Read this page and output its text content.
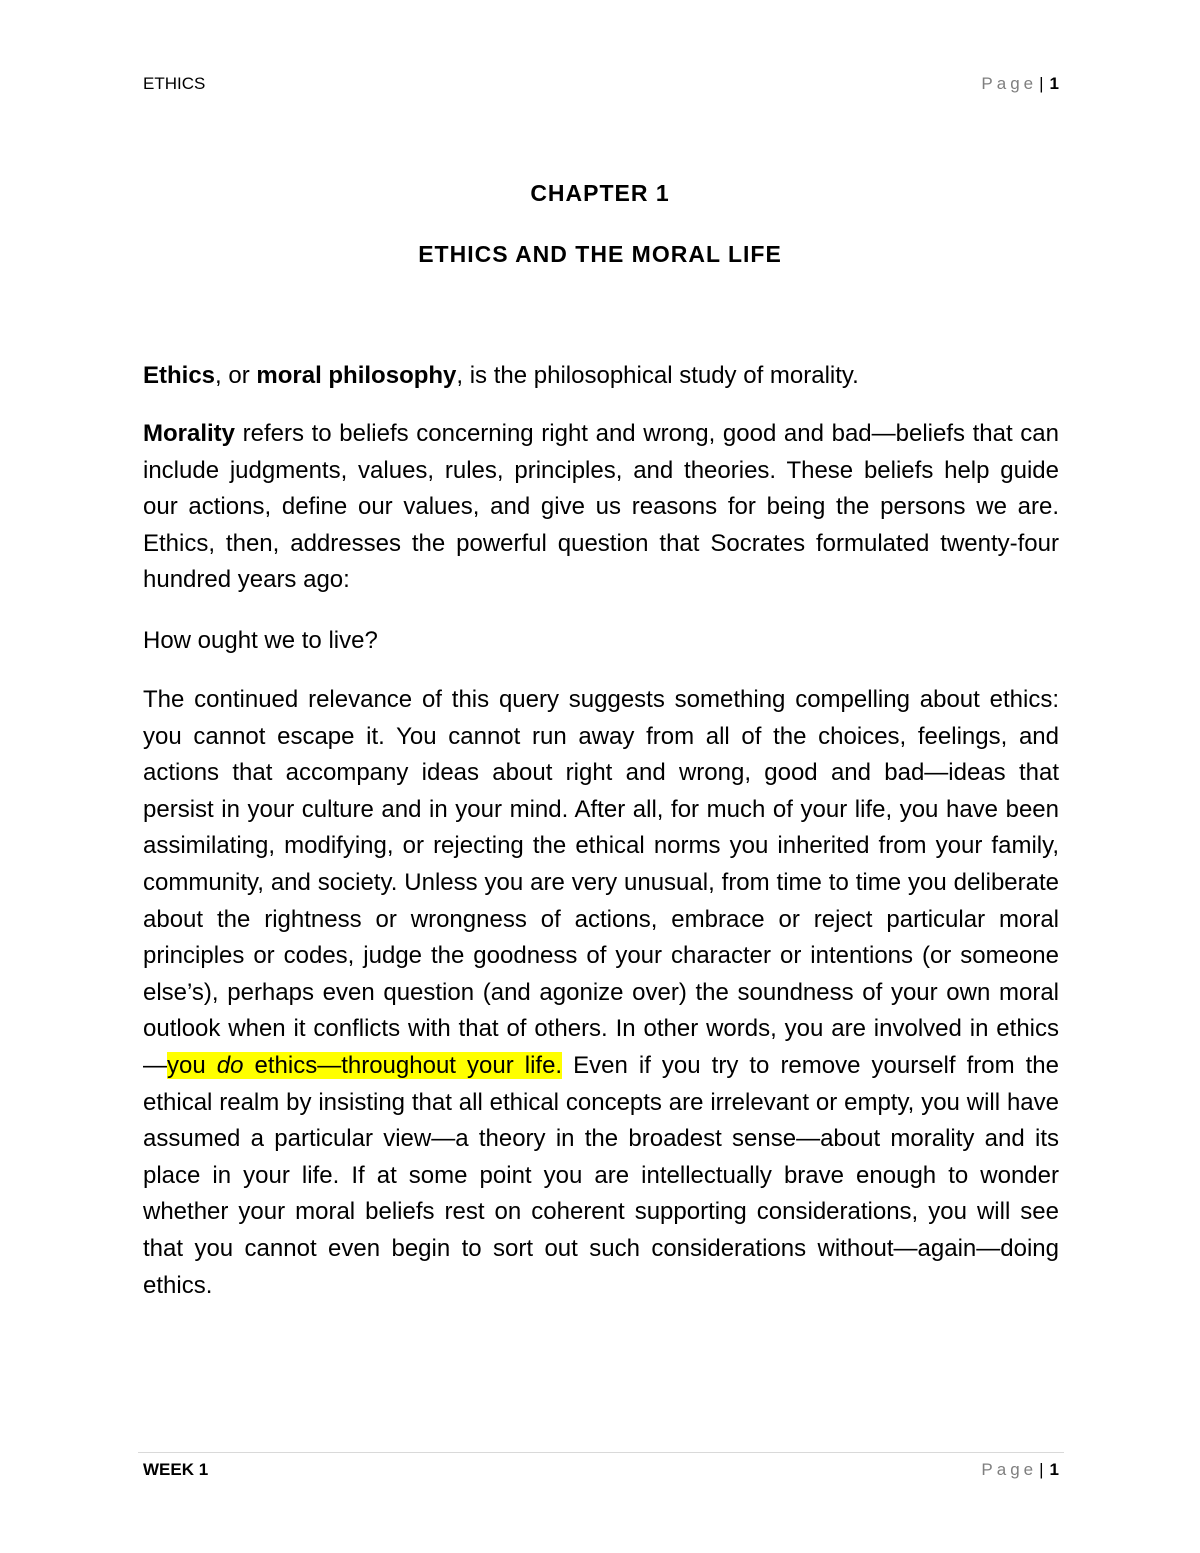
ETHICS	Page | 1
CHAPTER 1
ETHICS AND THE MORAL LIFE

Ethics, or moral philosophy, is the philosophical study of morality.

Morality refers to beliefs concerning right and wrong, good and bad—beliefs that can include judgments, values, rules, principles, and theories. These beliefs help guide our actions, define our values, and give us reasons for being the persons we are. Ethics, then, addresses the powerful question that Socrates formulated twenty-four hundred years ago:

How ought we to live?

The continued relevance of this query suggests something compelling about ethics: you cannot escape it. You cannot run away from all of the choices, feelings, and actions that accompany ideas about right and wrong, good and bad—ideas that persist in your culture and in your mind. After all, for much of your life, you have been assimilating, modifying, or rejecting the ethical norms you inherited from your family, community, and society. Unless you are very unusual, from time to time you deliberate about the rightness or wrongness of actions, embrace or reject particular moral principles or codes, judge the goodness of your character or intentions (or someone else’s), perhaps even question (and agonize over) the soundness of your own moral outlook when it conflicts with that of others. In other words, you are involved in ethics—you do ethics—throughout your life. Even if you try to remove yourself from the ethical realm by insisting that all ethical concepts are irrelevant or empty, you will have assumed a particular view—a theory in the broadest sense—about morality and its place in your life. If at some point you are intellectually brave enough to wonder whether your moral beliefs rest on coherent supporting considerations, you will see that you cannot even begin to sort out such considerations without—again—doing ethics.

WEEK 1	Page | 1
